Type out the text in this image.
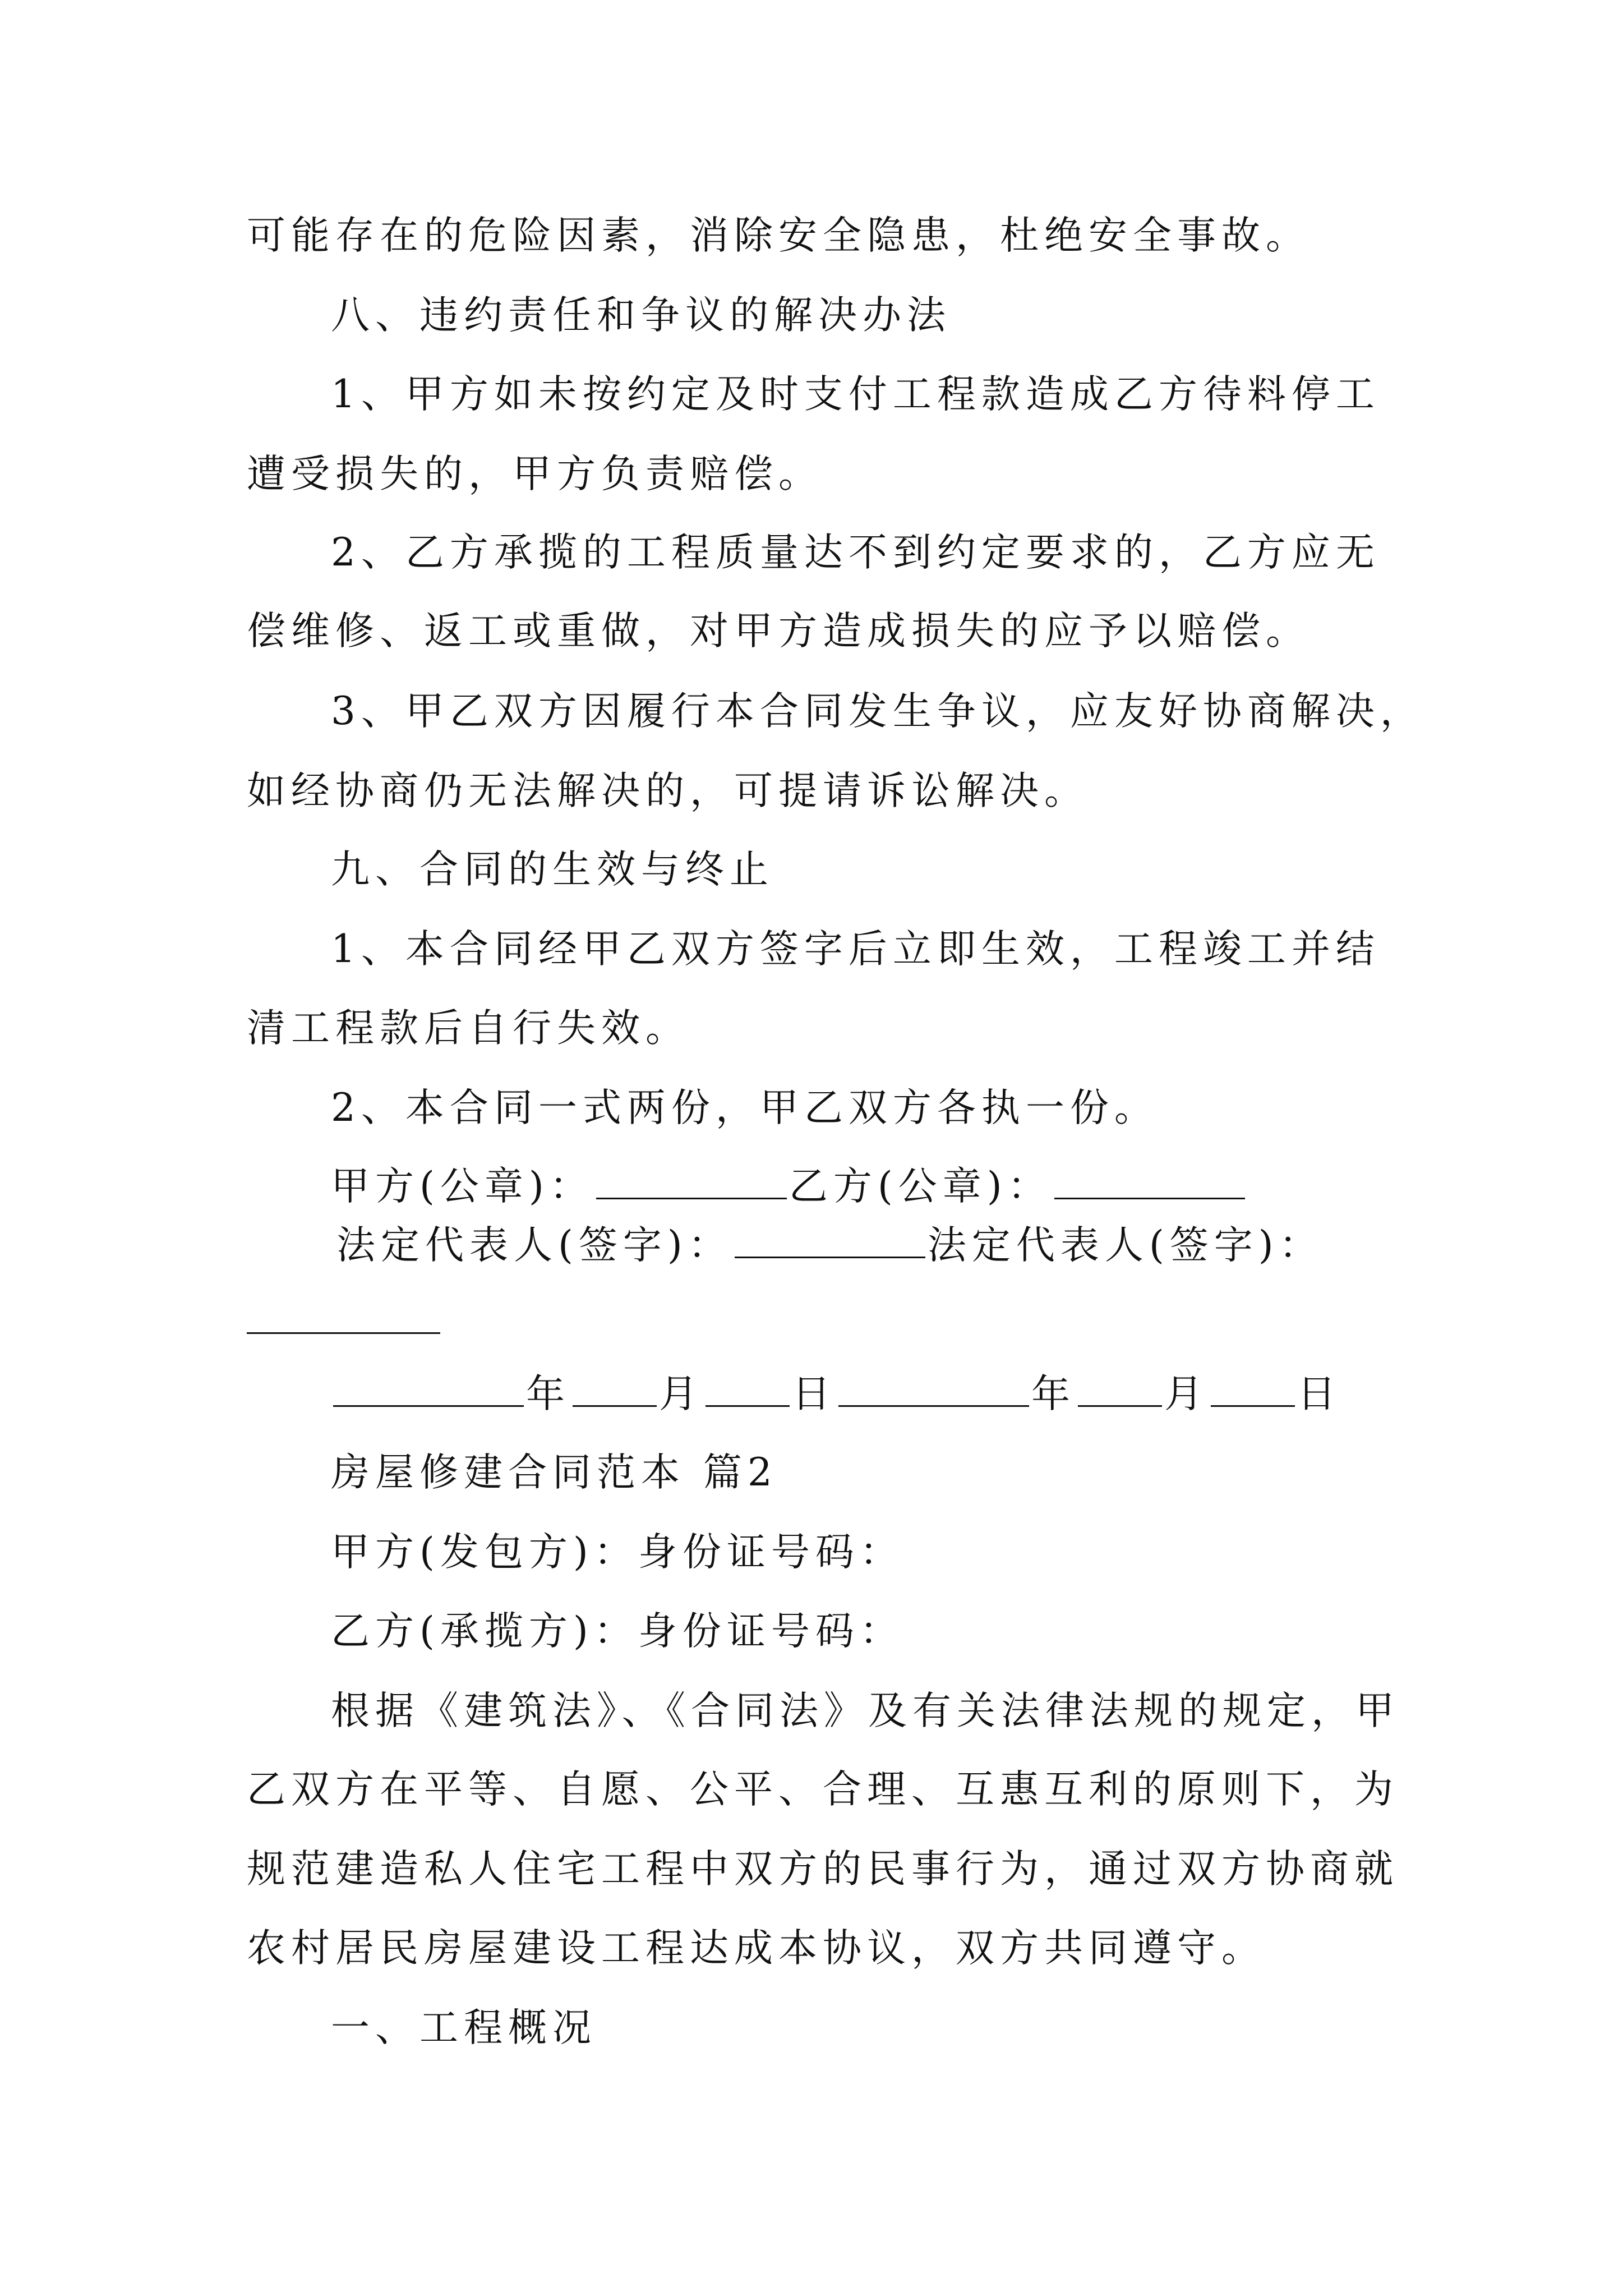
可能存在的危险因素，消除安全隐患，杜绝安全事故。
八、违约责任和争议的解决办法
1、甲方如未按约定及时支付工程款造成乙方待料停工
遭受损失的，甲方负责赔偿。
2、乙方承揽的工程质量达不到约定要求的，乙方应无
偿维修、返工或重做，对甲方造成损失的应予以赔偿。
3、甲乙双方因履行本合同发生争议，应友好协商解决，
如经协商仍无法解决的，可提请诉讼解决。
九、合同的生效与终止
1、本合同经甲乙双方签字后立即生效，工程竣工并结
清工程款后自行失效。
2、本合同一式两份，甲乙双方各执一份。
甲方(公章)：	乙方(公章)：
法定代表人(签字)：	法定代表人(签字)：
年 月 日	年 月 日
房屋修建合同范本 篇2
甲方(发包方)：身份证号码：
乙方(承揽方)：身份证号码：
根据《建筑法》、《合同法》及有关法律法规的规定，甲
乙双方在平等、自愿、公平、合理、互惠互利的原则下，为
规范建造私人住宅工程中双方的民事行为，通过双方协商就
农村居民房屋建设工程达成本协议，双方共同遵守。
一、工程概况
